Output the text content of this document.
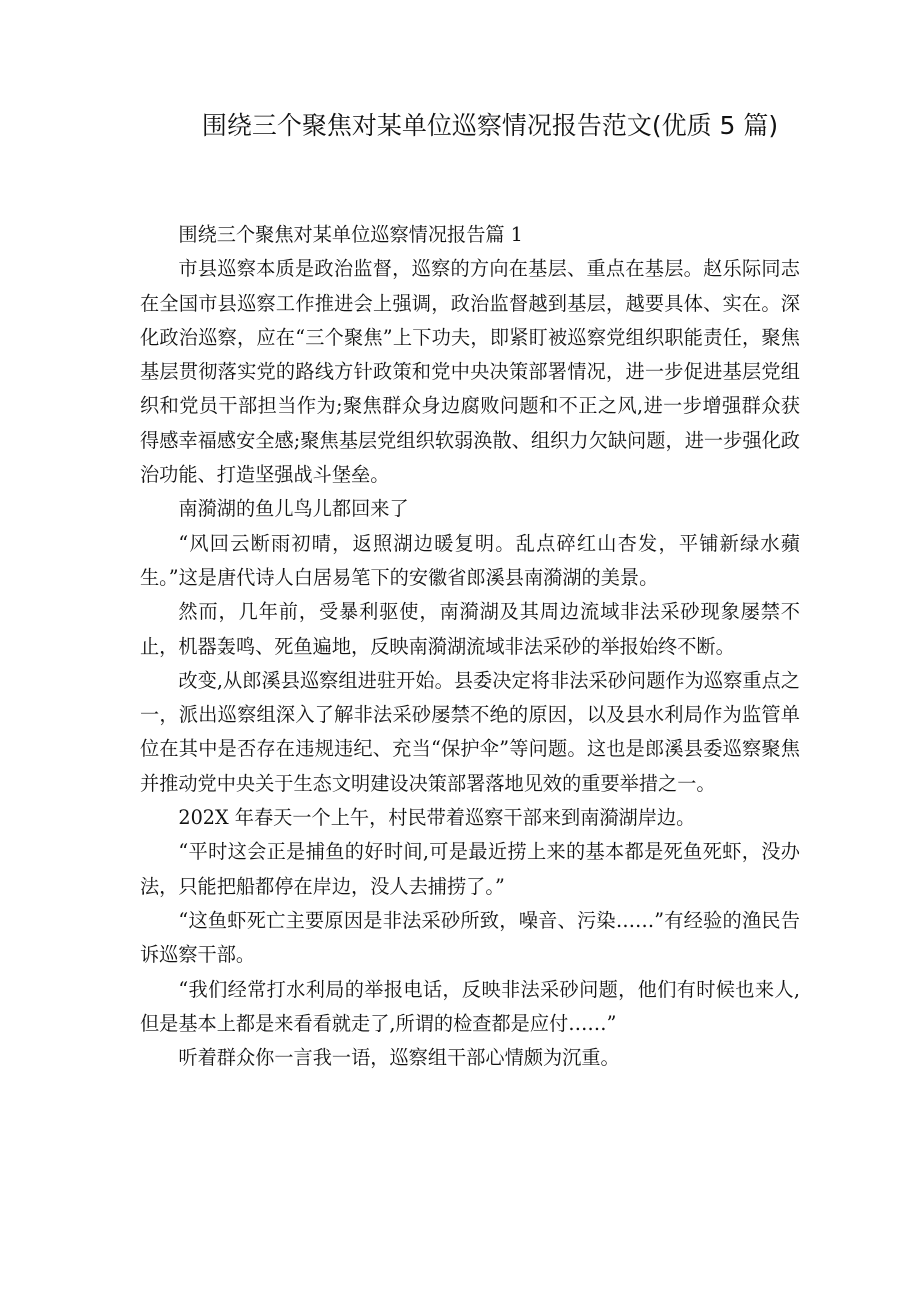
围绕三个聚焦对某单位巡察情况报告范文(优质 5 篇)

围绕三个聚焦对某单位巡察情况报告篇 1

市县巡察本质是政治监督，巡察的方向在基层、重点在基层。赵乐际同志在全国市县巡察工作推进会上强调，政治监督越到基层，越要具体、实在。深化政治巡察，应在“三个聚焦”上下功夫，即紧盯被巡察党组织职能责任，聚焦基层贯彻落实党的路线方针政策和党中央决策部署情况，进一步促进基层党组织和党员干部担当作为;聚焦群众身边腐败问题和不正之风,进一步增强群众获得感幸福感安全感;聚焦基层党组织软弱涣散、组织力欠缺问题，进一步强化政治功能、打造坚强战斗堡垒。

南漪湖的鱼儿鸟儿都回来了

“风回云断雨初晴，返照湖边暖复明。乱点碎红山杏发，平铺新绿水蘋生。”这是唐代诗人白居易笔下的安徽省郎溪县南漪湖的美景。

然而，几年前，受暴利驱使，南漪湖及其周边流域非法采砂现象屡禁不止，机器轰鸣、死鱼遍地，反映南漪湖流域非法采砂的举报始终不断。

改变,从郎溪县巡察组进驻开始。县委决定将非法采砂问题作为巡察重点之一，派出巡察组深入了解非法采砂屡禁不绝的原因，以及县水利局作为监管单位在其中是否存在违规违纪、充当“保护伞”等问题。这也是郎溪县委巡察聚焦并推动党中央关于生态文明建设决策部署落地见效的重要举措之一。

202X 年春天一个上午，村民带着巡察干部来到南漪湖岸边。

“平时这会正是捕鱼的好时间,可是最近捞上来的基本都是死鱼死虾，没办法，只能把船都停在岸边，没人去捕捞了。”

“这鱼虾死亡主要原因是非法采砂所致，噪音、污染……”有经验的渔民告诉巡察干部。

“我们经常打水利局的举报电话，反映非法采砂问题，他们有时候也来人,但是基本上都是来看看就走了,所谓的检查都是应付……”

听着群众你一言我一语，巡察组干部心情颇为沉重。
